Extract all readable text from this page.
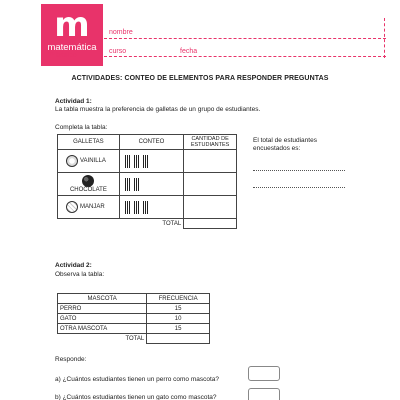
m
matemática
2º básico
nombre
curso	fecha
ACTIVIDADES: CONTEO DE ELEMENTOS PARA RESPONDER PREGUNTAS
Actividad 1:
La tabla muestra la preferencia de galletas de un grupo de estudiantes.
Completa la tabla:
GALLETAS	CONTEO	CANTIDAD DE ESTUDIANTES

VAINILLA		

CHOCOLATE		

MANJAR		

TOTAL		
El total de estudiantes encuestados es:
Actividad 2:
Observa la tabla:
MASCOTA	FRECUENCIA
PERRO	15
GATO	10
OTRA MASCOTA	15
TOTAL	
Responde:
a) ¿Cuántos estudiantes tienen un perro como mascota?
b) ¿Cuántos estudiantes tienen un gato como mascota?
